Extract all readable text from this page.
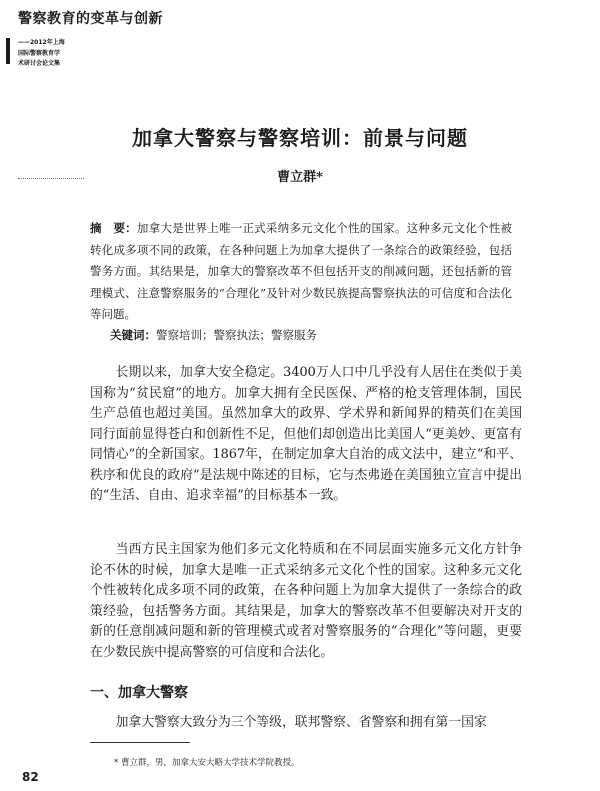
警察教育的变革与创新
——2012年上海
国际警察教育学
术研讨会论文集
加拿大警察与警察培训：前景与问题
曹立群*
摘　要：加拿大是世界上唯一正式采纳多元文化个性的国家。这种多元文化个性被转化成多项不同的政策，在各种问题上为加拿大提供了一条综合的政策经验，包括警务方面。其结果是，加拿大的警察改革不但包括开支的削减问题，还包括新的管理模式、注意警察服务的“合理化”及针对少数民族提高警察执法的可信度和合法化等问题。
关键词：警察培训；警察执法；警察服务
长期以来，加拿大安全稳定。3400万人口中几乎没有人居住在类似于美国称为“贫民窟”的地方。加拿大拥有全民医保、严格的枪支管理体制，国民生产总值也超过美国。虽然加拿大的政界、学术界和新闻界的精英们在美国同行面前显得苍白和创新性不足，但他们却创造出比美国人“更美妙、更富有同情心”的全新国家。1867年，在制定加拿大自治的成文法中，建立“和平、秩序和优良的政府”是法规中陈述的目标，它与杰弗逊在美国独立宣言中提出的“生活、自由、追求幸福”的目标基本一致。
当西方民主国家为他们多元文化特质和在不同层面实施多元文化方针争论不休的时候，加拿大是唯一正式采纳多元文化个性的国家。这种多元文化个性被转化成多项不同的政策，在各种问题上为加拿大提供了一条综合的政策经验，包括警务方面。其结果是，加拿大的警察改革不但要解决对开支的新的任意削减问题和新的管理模式或者对警察服务的“合理化”等问题，更要在少数民族中提高警察的可信度和合法化。
一、加拿大警察
加拿大警察大致分为三个等级，联邦警察、省警察和拥有第一国家
* 曹立群，男，加拿大安大略大学技术学院教授。
82
